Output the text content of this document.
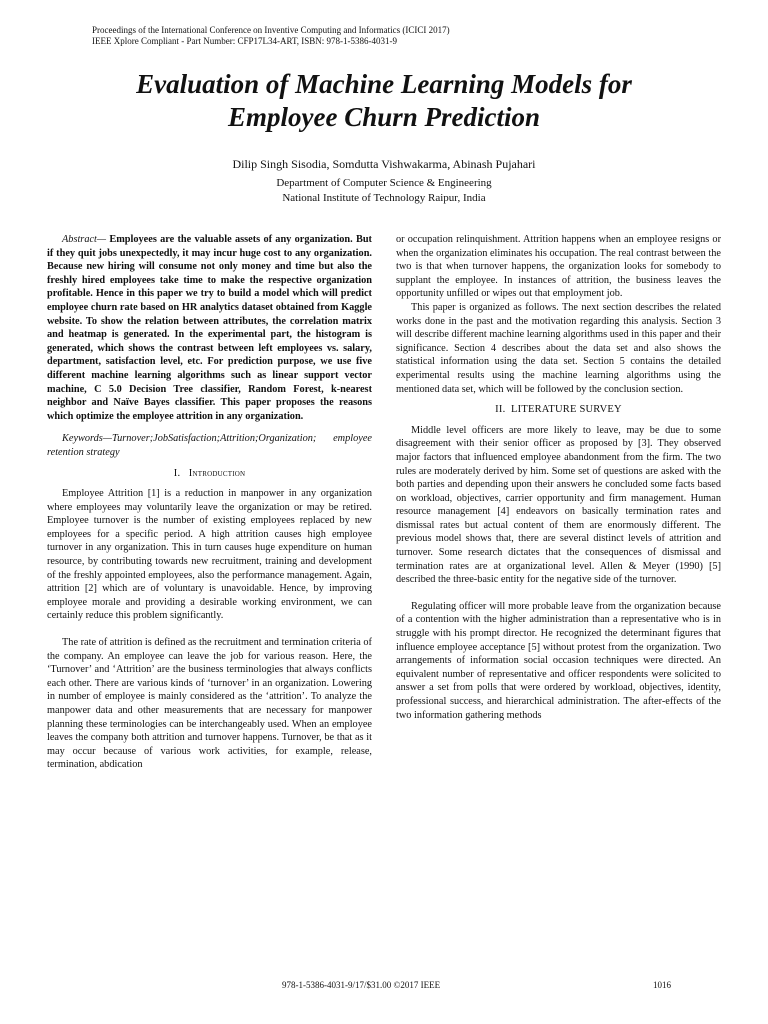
Proceedings of the International Conference on Inventive Computing and Informatics (ICICI 2017)
IEEE Xplore Compliant - Part Number: CFP17L34-ART, ISBN: 978-1-5386-4031-9
Evaluation of Machine Learning Models for
Employee Churn Prediction
Dilip Singh Sisodia, Somdutta Vishwakarma, Abinash Pujahari
Department of Computer Science & Engineering
National Institute of Technology Raipur, India

Abstract— Employees are the valuable assets of any organization. But if they quit jobs unexpectedly, it may incur huge cost to any organization. Because new hiring will consume not only money and time but also the freshly hired employees take time to make the respective organization profitable. Hence in this paper we try to build a model which will predict employee churn rate based on HR analytics dataset obtained from Kaggle website. To show the relation between attributes, the correlation matrix and heatmap is generated. In the experimental part, the histogram is generated, which shows the contrast between left employees vs. salary, department, satisfaction level, etc. For prediction purpose, we use five different machine learning algorithms such as linear support vector machine, C 5.0 Decision Tree classifier, Random Forest, k-nearest neighbor and Naïve Bayes classifier. This paper proposes the reasons which optimize the employee attrition in any organization.

Keywords—Turnover;JobSatisfaction;Attrition;Organization; employee retention strategy

I. Introduction

Employee Attrition [1] is a reduction in manpower in any organization where employees may voluntarily leave the organization or may be retired. Employee turnover is the number of existing employees replaced by new employees for a specific period. A high attrition causes high employee turnover in any organization. This in turn causes huge expenditure on human resource, by contributing towards new recruitment, training and development of the freshly appointed employees, also the performance management. Again, attrition [2] which are of voluntary is unavoidable. Hence, by improving employee morale and providing a desirable working environment, we can certainly reduce this problem significantly.

The rate of attrition is defined as the recruitment and termination criteria of the company. An employee can leave the job for various reason. Here, the ‘Turnover’ and ‘Attrition’ are the business terminologies that always conflicts each other. There are various kinds of ‘turnover’ in an organization. Lowering in number of employee is mainly considered as the ‘attrition’. To analyze the manpower data and other measurements that are necessary for manpower planning these terminologies can be interchangeably used. When an employee leaves the company both attrition and turnover happens. Turnover, be that as it may occur because of various work activities, for example, release, termination, abdication

or occupation relinquishment. Attrition happens when an employee resigns or when the organization eliminates his occupation. The real contrast between the two is that when turnover happens, the organization looks for somebody to supplant the employee. In instances of attrition, the business leaves the opportunity unfilled or wipes out that employment job.

This paper is organized as follows. The next section describes the related works done in the past and the motivation regarding this analysis. Section 3 will describe different machine learning algorithms used in this paper and their significance. Section 4 describes about the data set and also shows the statistical information using the data set. Section 5 contains the detailed experimental results using the machine learning algorithms using the mentioned data set, which will be followed by the conclusion section.

II. LITERATURE SURVEY

Middle level officers are more likely to leave, may be due to some disagreement with their senior officer as proposed by [3]. They observed major factors that influenced employee abandonment from the firm. The two rules are moderately derived by him. Some set of questions are asked with the both parties and depending upon their answers he concluded some facts based on workload, objectives, carrier opportunity and firm management. Human resource management [4] endeavors on basically termination rates and dismissal rates but actual content of them are enormously different. The previous model shows that, there are several distinct levels of attrition and turnover. Some research dictates that the consequences of dismissal and termination rates are at organizational level. Allen & Meyer (1990) [5] described the three-basic entity for the negative side of the turnover.

Regulating officer will more probable leave from the organization because of a contention with the higher administration than a representative who is in struggle with his prompt director. He recognized the determinant figures that influence employee acceptance [5] without protest from the organization. Two arrangements of information social occasion techniques were directed. An equivalent number of representative and officer respondents were solicited to answer a set from polls that were ordered by workload, objectives, identity, professional success, and hierarchical administration. The after-effects of the two information gathering methods

978-1-5386-4031-9/17/$31.00 ©2017 IEEE	1016
